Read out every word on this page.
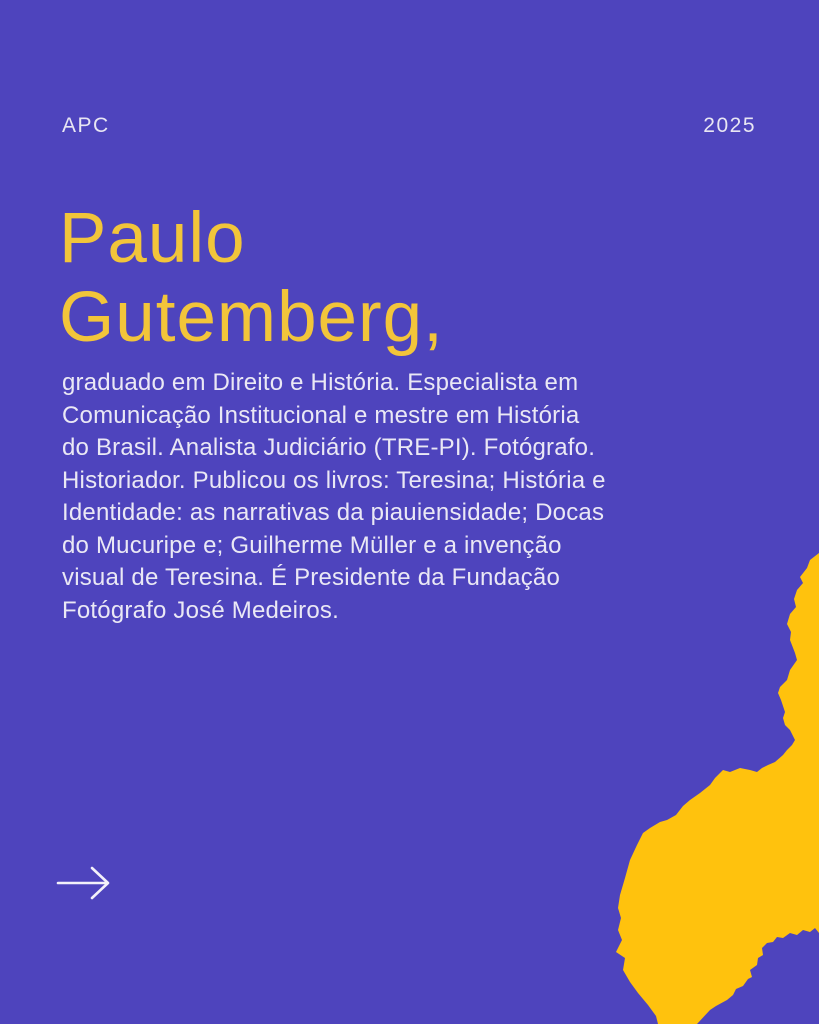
APC	2025
Paulo
Gutemberg,
graduado em Direito e História. Especialista em
Comunicação Institucional e mestre em História
do Brasil. Analista Judiciário (TRE-PI). Fotógrafo.
Historiador. Publicou os livros: Teresina; História e
Identidade: as narrativas da piauiensidade; Docas
do Mucuripe e; Guilherme Müller e a invenção
visual de Teresina. É Presidente da Fundação
Fotógrafo José Medeiros.
